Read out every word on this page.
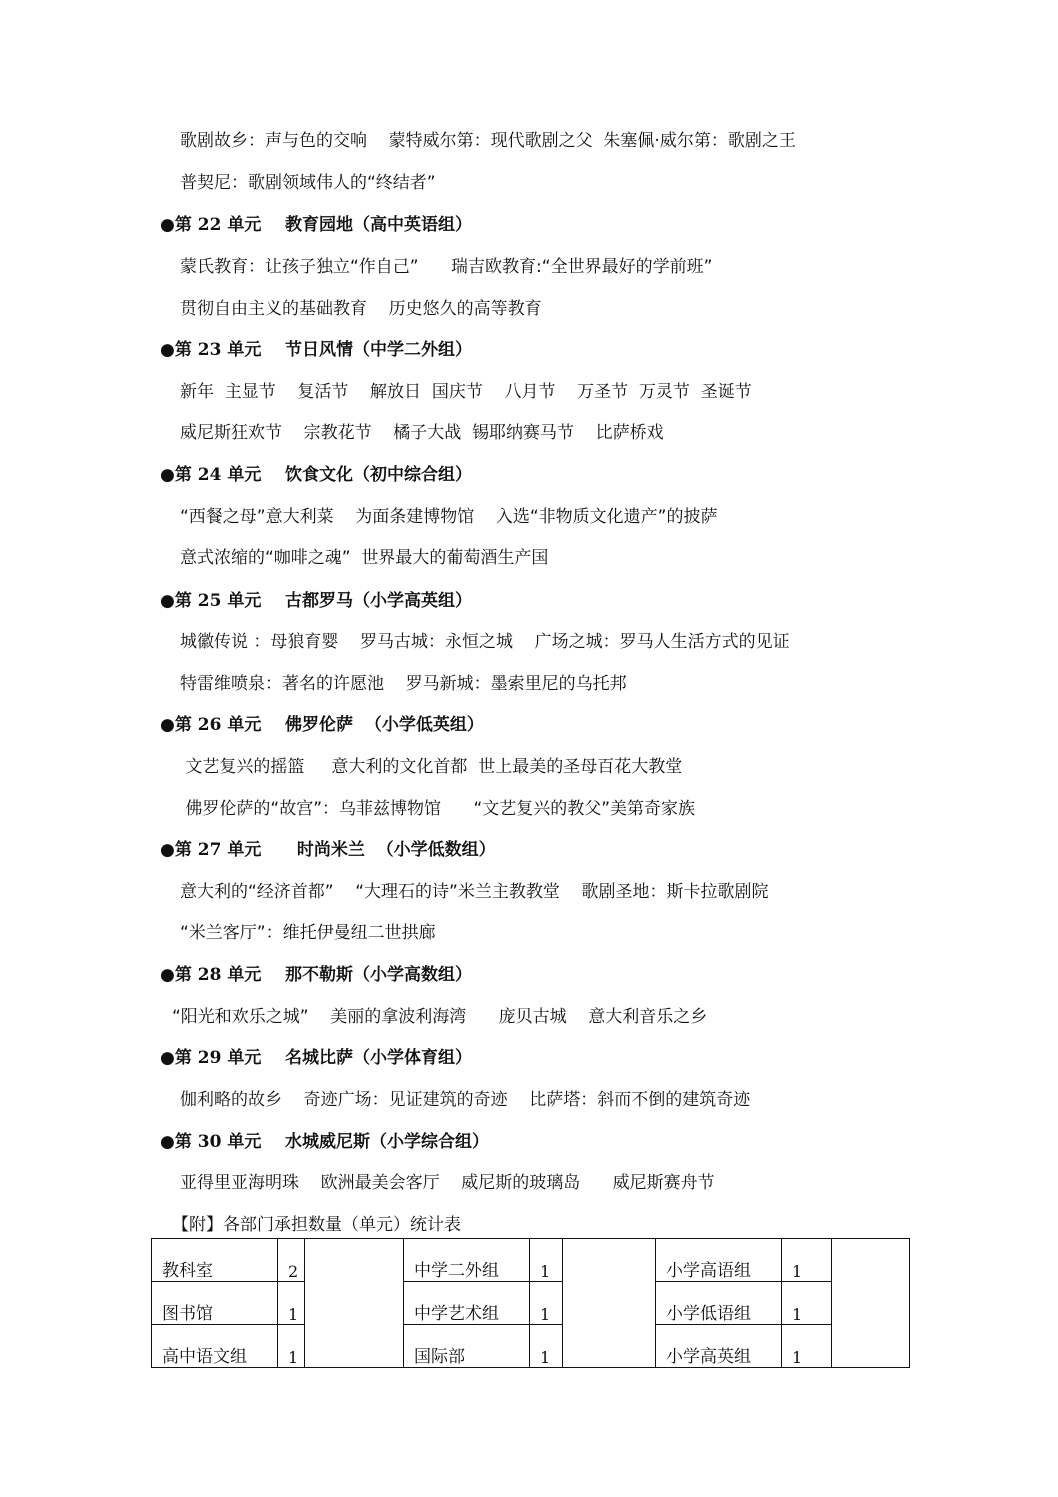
歌剧故乡：声与色的交响    蒙特威尔第：现代歌剧之父  朱塞佩·威尔第：歌剧之王
普契尼：歌剧领域伟人的“终结者”
●第 22 单元    教育园地（高中英语组）
蒙氏教育：让孩子独立“作自己”      瑞吉欧教育:“全世界最好的学前班”
贯彻自由主义的基础教育    历史悠久的高等教育
●第 23 单元    节日风情（中学二外组）
新年  主显节    复活节    解放日  国庆节    八月节    万圣节  万灵节  圣诞节
威尼斯狂欢节    宗教花节    橘子大战  锡耶纳赛马节    比萨桥戏
●第 24 单元    饮食文化（初中综合组）
“西餐之母”意大利菜    为面条建博物馆    入选“非物质文化遗产”的披萨
意式浓缩的“咖啡之魂”  世界最大的葡萄酒生产国
●第 25 单元    古都罗马（小学高英组）
城徽传说 ：母狼育婴    罗马古城：永恒之城    广场之城：罗马人生活方式的见证
特雷维喷泉：著名的许愿池    罗马新城：墨索里尼的乌托邦
●第 26 单元    佛罗伦萨  （小学低英组）
文艺复兴的摇篮     意大利的文化首都  世上最美的圣母百花大教堂
佛罗伦萨的“故宫”：乌菲兹博物馆      “文艺复兴的教父”美第奇家族
●第 27 单元      时尚米兰  （小学低数组）
意大利的“经济首都”    “大理石的诗”米兰主教教堂    歌剧圣地：斯卡拉歌剧院
“米兰客厅”：维托伊曼纽二世拱廊
●第 28 单元    那不勒斯（小学高数组）
“阳光和欢乐之城”    美丽的拿波利海湾      庞贝古城    意大利音乐之乡
●第 29 单元    名城比萨（小学体育组）
伽利略的故乡    奇迹广场：见证建筑的奇迹    比萨塔：斜而不倒的建筑奇迹
●第 30 单元    水城威尼斯（小学综合组）
亚得里亚海明珠    欧洲最美会客厅    威尼斯的玻璃岛      威尼斯赛舟节
【附】各部门承担数量（单元）统计表
教科室	2		中学二外组	1		小学高语组	1	
图书馆	1		中学艺术组	1		小学低语组	1	
高中语文组	1		国际部	1		小学高英组	1	
